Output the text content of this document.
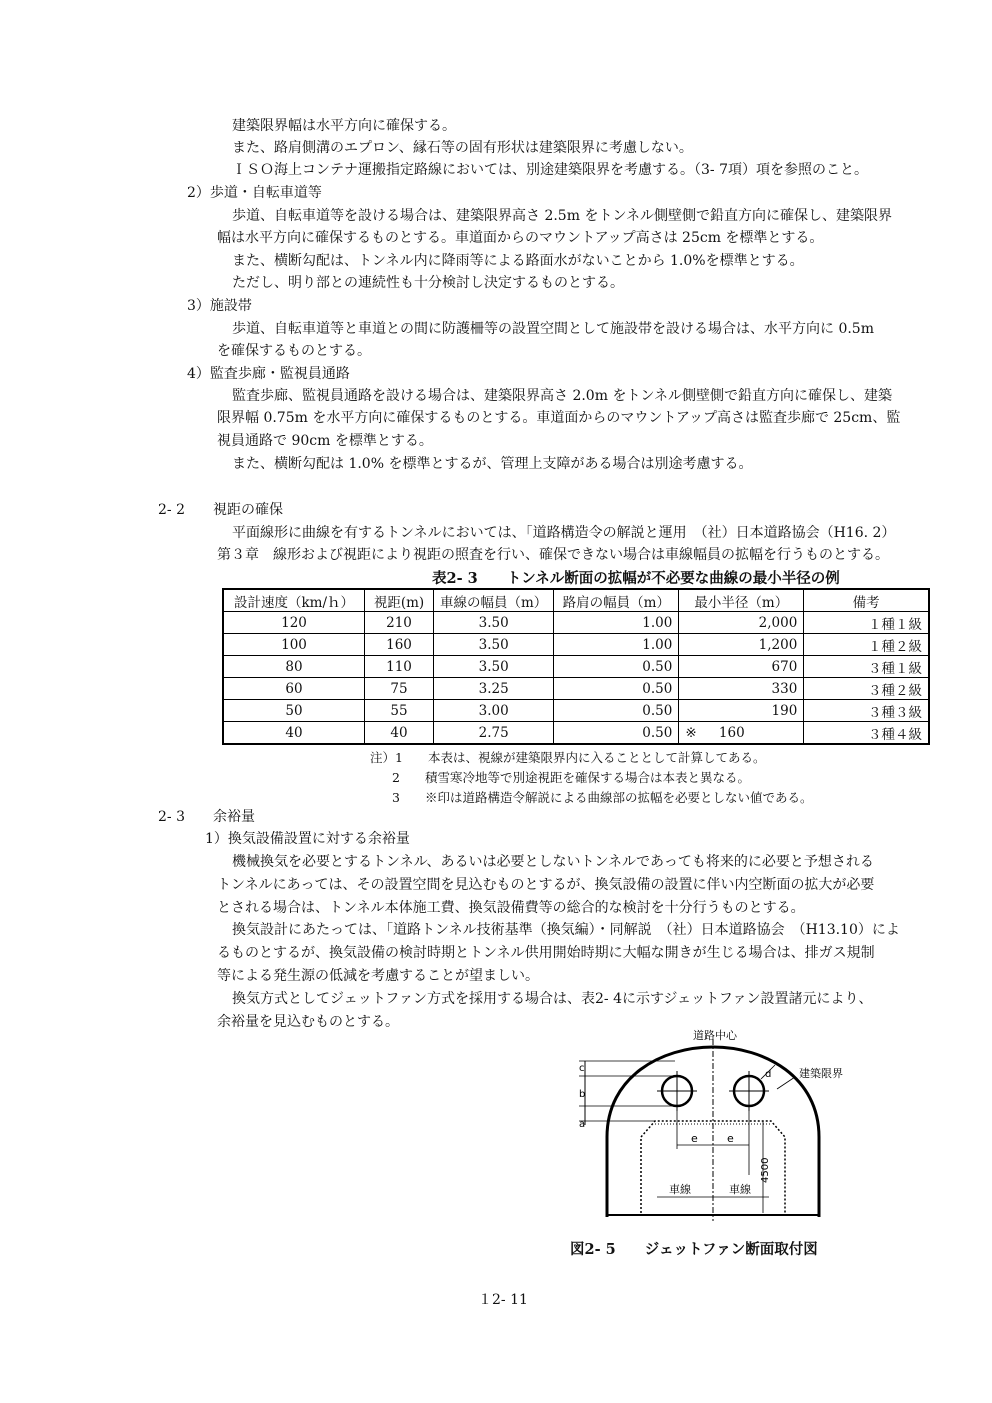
建築限界幅は水平方向に確保する。
また、路肩側溝のエプロン、縁石等の固有形状は建築限界に考慮しない。
ＩＳＯ海上コンテナ運搬指定路線においては、別途建築限界を考慮する。（3- 7項）項を参照のこと。
2）歩道・自転車道等
歩道、自転車道等を設ける場合は、建築限界高さ 2.5m をトンネル側壁側で鉛直方向に確保し、建築限界
幅は水平方向に確保するものとする。車道面からのマウントアップ高さは 25cm を標準とする。
また、横断勾配は、トンネル内に降雨等による路面水がないことから 1.0%を標準とする。
ただし、明り部との連続性も十分検討し決定するものとする。
3）施設帯
歩道、自転車道等と車道との間に防護柵等の設置空間として施設帯を設ける場合は、水平方向に 0.5m
を確保するものとする。
4）監査歩廊・監視員通路
監査歩廊、監視員通路を設ける場合は、建築限界高さ 2.0m をトンネル側壁側で鉛直方向に確保し、建築
限界幅 0.75m を水平方向に確保するものとする。車道面からのマウントアップ高さは監査歩廊で 25cm、監
視員通路で 90cm を標準とする。
また、横断勾配は 1.0% を標準とするが、管理上支障がある場合は別途考慮する。
2- 2　　視距の確保
平面線形に曲線を有するトンネルにおいては、「道路構造令の解説と運用　（社）日本道路協会（H16. 2）
第３章　線形および視距により視距の照査を行い、確保できない場合は車線幅員の拡幅を行うものとする。
表2- 3　　トンネル断面の拡幅が不必要な曲線の最小半径の例
設計速度（km/ｈ）	視距(m)	車線の幅員（m）	路肩の幅員（m）	最小半径（m）	備考
120	210	3.50	1.00	2,000	１種１級
100	160	3.50	1.00	1,200	１種２級
80	110	3.50	0.50	670	３種１級
60	75	3.25	0.50	330	３種２級
50	55	3.00	0.50	190	３種３級
40	40	2.75	0.50	※ 160	３種４級
注）1　　本表は、視線が建築限界内に入ることとして計算してある。
2　　積雪寒冷地等で別途視距を確保する場合は本表と異なる。
3　　※印は道路構造令解説による曲線部の拡幅を必要としない値である。
2- 3　　余裕量
1）換気設備設置に対する余裕量
機械換気を必要とするトンネル、あるいは必要としないトンネルであっても将来的に必要と予想される
トンネルにあっては、その設置空間を見込むものとするが、換気設備の設置に伴い内空断面の拡大が必要
とされる場合は、トンネル本体施工費、換気設備費等の総合的な検討を十分行うものとする。
換気設計にあたっては、「道路トンネル技術基準（換気編）・同解説　（社）日本道路協会　（H13.10）によ
るものとするが、換気設備の検討時期とトンネル供用開始時期に大幅な開きが生じる場合は、排ガス規制
等による発生源の低減を考慮することが望ましい。
換気方式としてジェットファン方式を採用する場合は、表2- 4に示すジェットファン設置諸元により、
余裕量を見込むものとする。
c
b
a
d
e	e
4500
車線	車線
道路中心
建築限界
図2- 5　　ジェットファン断面取付図
１2- 11
